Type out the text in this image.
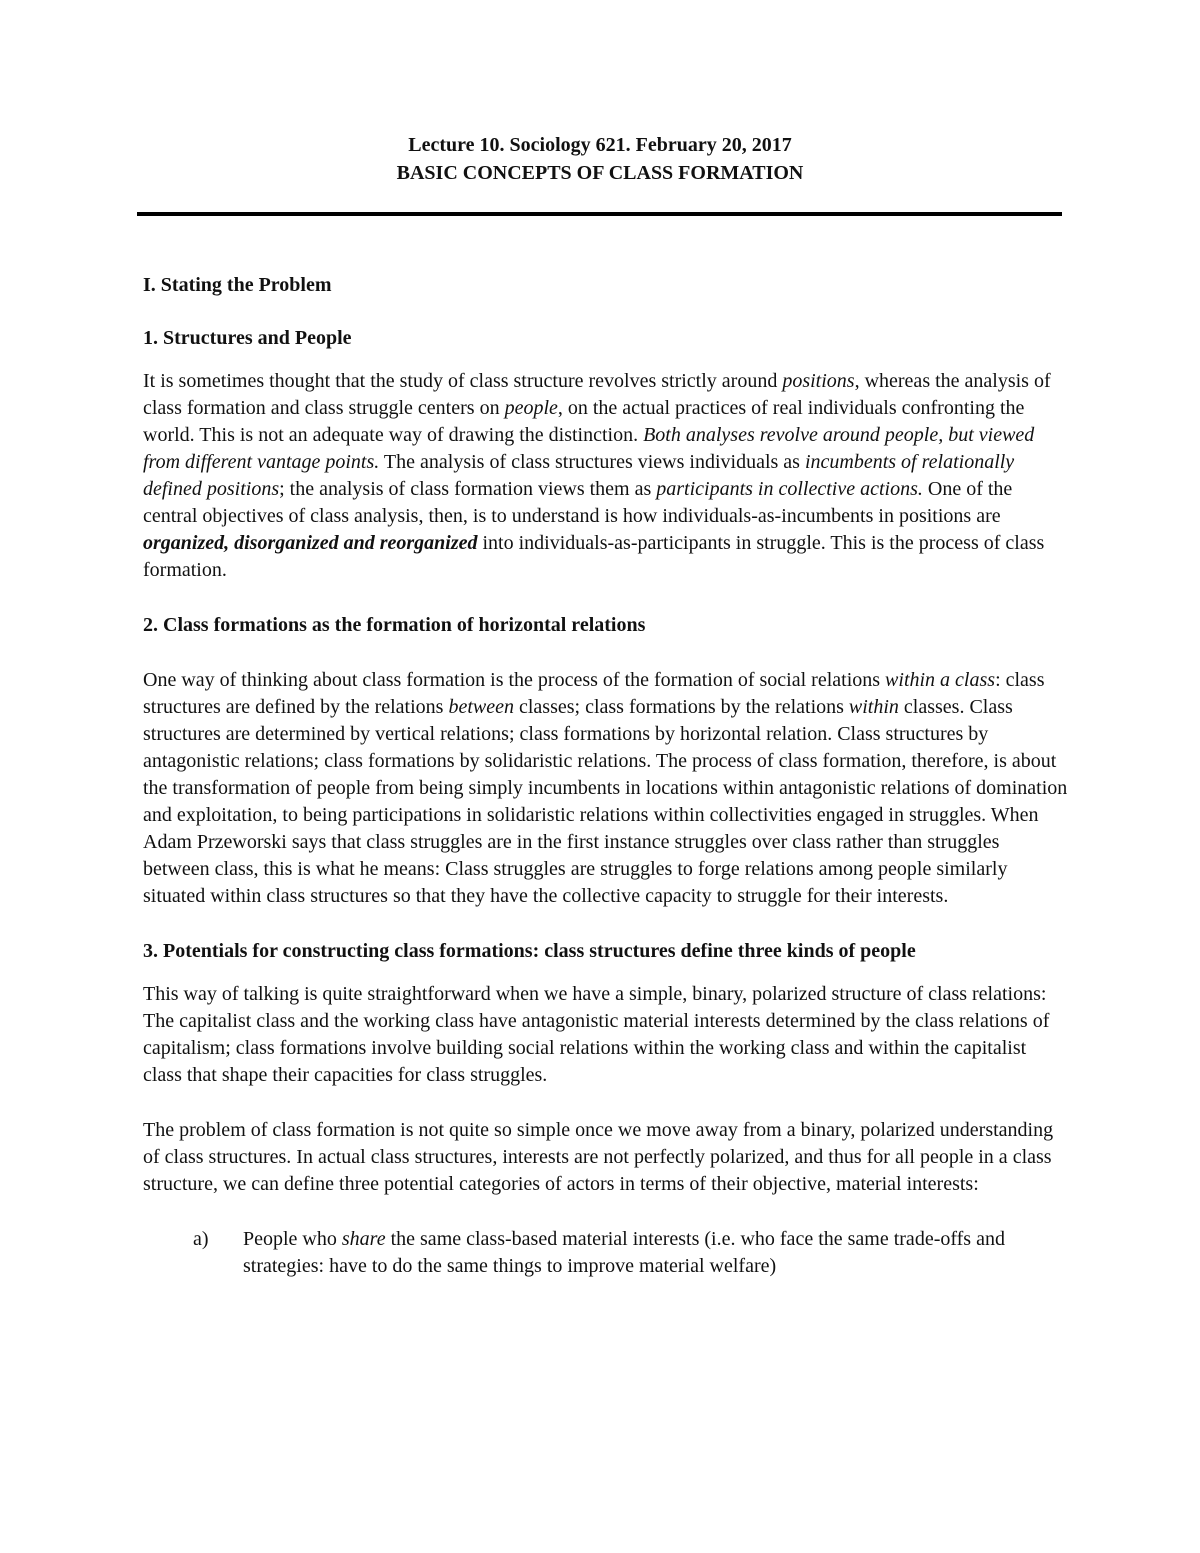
Lecture 10. Sociology 621. February 20, 2017
BASIC CONCEPTS OF CLASS FORMATION

I. Stating the Problem

1. Structures and People

It is sometimes thought that the study of class structure revolves strictly around positions, whereas the analysis of class formation and class struggle centers on people, on the actual practices of real individuals confronting the world. This is not an adequate way of drawing the distinction. Both analyses revolve around people, but viewed from different vantage points. The analysis of class structures views individuals as incumbents of relationally defined positions; the analysis of class formation views them as participants in collective actions. One of the central objectives of class analysis, then, is to understand is how individuals-as-incumbents in positions are organized, disorganized and reorganized into individuals-as-participants in struggle. This is the process of class formation.

2. Class formations as the formation of horizontal relations

One way of thinking about class formation is the process of the formation of social relations within a class: class structures are defined by the relations between classes; class formations by the relations within classes. Class structures are determined by vertical relations; class formations by horizontal relation. Class structures by antagonistic relations; class formations by solidaristic relations. The process of class formation, therefore, is about the transformation of people from being simply incumbents in locations within antagonistic relations of domination and exploitation, to being participations in solidaristic relations within collectivities engaged in struggles. When Adam Przeworski says that class struggles are in the first instance struggles over class rather than struggles between class, this is what he means: Class struggles are struggles to forge relations among people similarly situated within class structures so that they have the collective capacity to struggle for their interests.

3. Potentials for constructing class formations: class structures define three kinds of people

This way of talking is quite straightforward when we have a simple, binary, polarized structure of class relations: The capitalist class and the working class have antagonistic material interests determined by the class relations of capitalism; class formations involve building social relations within the working class and within the capitalist class that shape their capacities for class struggles.

The problem of class formation is not quite so simple once we move away from a binary, polarized understanding of class structures. In actual class structures, interests are not perfectly polarized, and thus for all people in a class structure, we can define three potential categories of actors in terms of their objective, material interests:

a)	People who share the same class-based material interests (i.e. who face the same trade-offs and strategies: have to do the same things to improve material welfare)
